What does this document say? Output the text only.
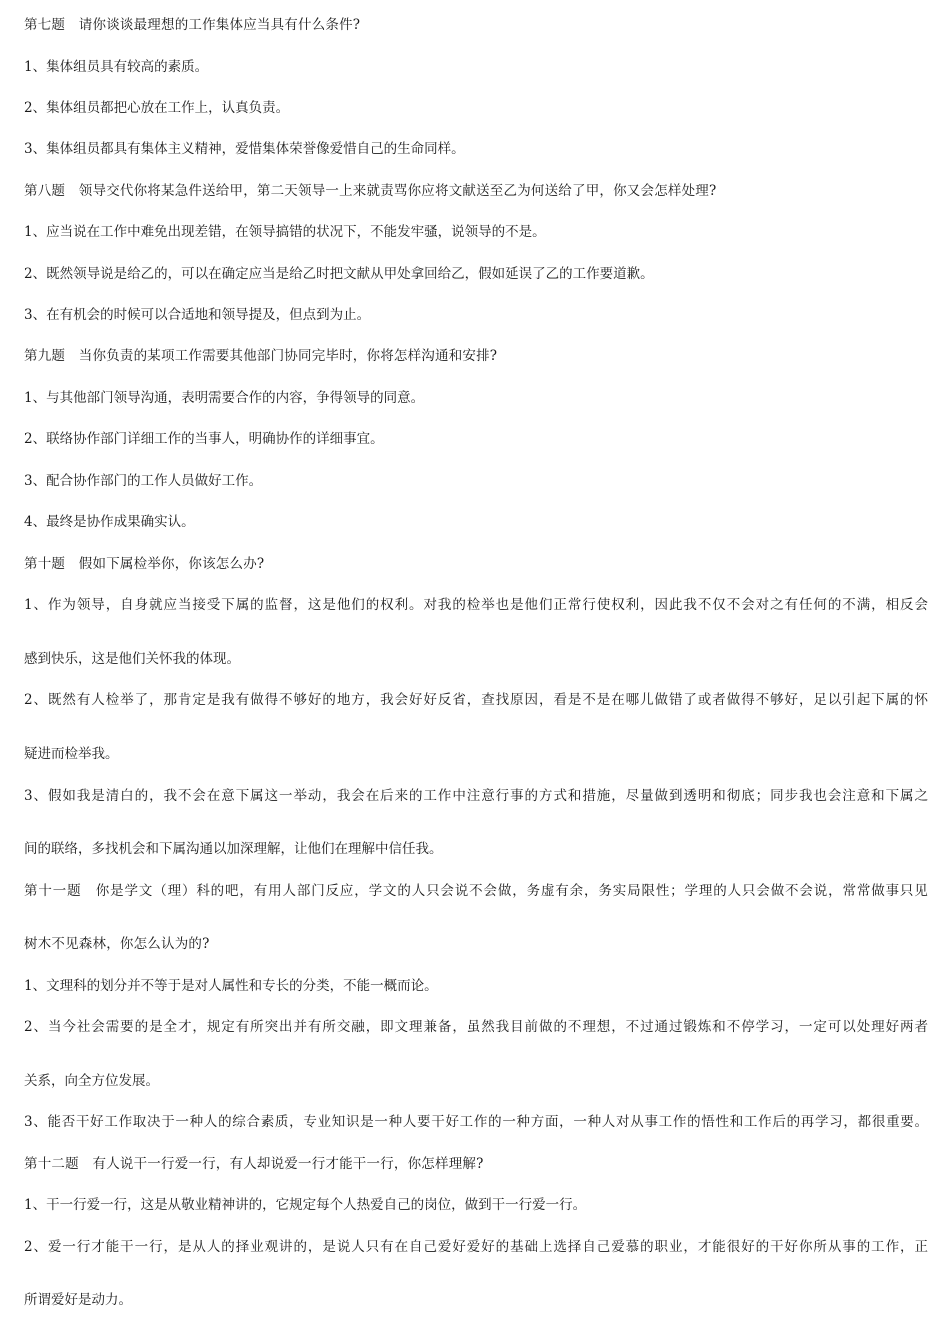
第七题　请你谈谈最理想的工作集体应当具有什么条件?
1、集体组员具有较高的素质。
2、集体组员都把心放在工作上，认真负责。
3、集体组员都具有集体主义精神，爱惜集体荣誉像爱惜自己的生命同样。
第八题　领导交代你将某急件送给甲，第二天领导一上来就责骂你应将文献送至乙为何送给了甲，你又会怎样处理?
1、应当说在工作中难免出现差错，在领导搞错的状况下，不能发牢骚，说领导的不是。
2、既然领导说是给乙的，可以在确定应当是给乙时把文献从甲处拿回给乙，假如延误了乙的工作要道歉。
3、在有机会的时候可以合适地和领导提及，但点到为止。
第九题　当你负责的某项工作需要其他部门协同完毕时，你将怎样沟通和安排?
1、与其他部门领导沟通，表明需要合作的内容，争得领导的同意。
2、联络协作部门详细工作的当事人，明确协作的详细事宜。
3、配合协作部门的工作人员做好工作。
4、最终是协作成果确实认。
第十题　假如下属检举你，你该怎么办?
1、作为领导，自身就应当接受下属的监督，这是他们的权利。对我的检举也是他们正常行使权利，因此我不仅不会对之有任何的不满，相反会
感到快乐，这是他们关怀我的体现。
2、既然有人检举了，那肯定是我有做得不够好的地方，我会好好反省，查找原因，看是不是在哪儿做错了或者做得不够好，足以引起下属的怀
疑进而检举我。
3、假如我是清白的，我不会在意下属这一举动，我会在后来的工作中注意行事的方式和措施，尽量做到透明和彻底；同步我也会注意和下属之
间的联络，多找机会和下属沟通以加深理解，让他们在理解中信任我。
第十一题　你是学文（理）科的吧，有用人部门反应，学文的人只会说不会做，务虚有余，务实局限性；学理的人只会做不会说，常常做事只见
树木不见森林，你怎么认为的?
1、文理科的划分并不等于是对人属性和专长的分类，不能一概而论。
2、当今社会需要的是全才，规定有所突出并有所交融，即文理兼备，虽然我目前做的不理想，不过通过锻炼和不停学习，一定可以处理好两者
关系，向全方位发展。
3、能否干好工作取决于一种人的综合素质，专业知识是一种人要干好工作的一种方面，一种人对从事工作的悟性和工作后的再学习，都很重要。
第十二题　有人说干一行爱一行，有人却说爱一行才能干一行，你怎样理解?
1、干一行爱一行，这是从敬业精神讲的，它规定每个人热爱自己的岗位，做到干一行爱一行。
2、爱一行才能干一行，是从人的择业观讲的，是说人只有在自己爱好爱好的基础上选择自己爱慕的职业，才能很好的干好你所从事的工作，正
所谓爱好是动力。
